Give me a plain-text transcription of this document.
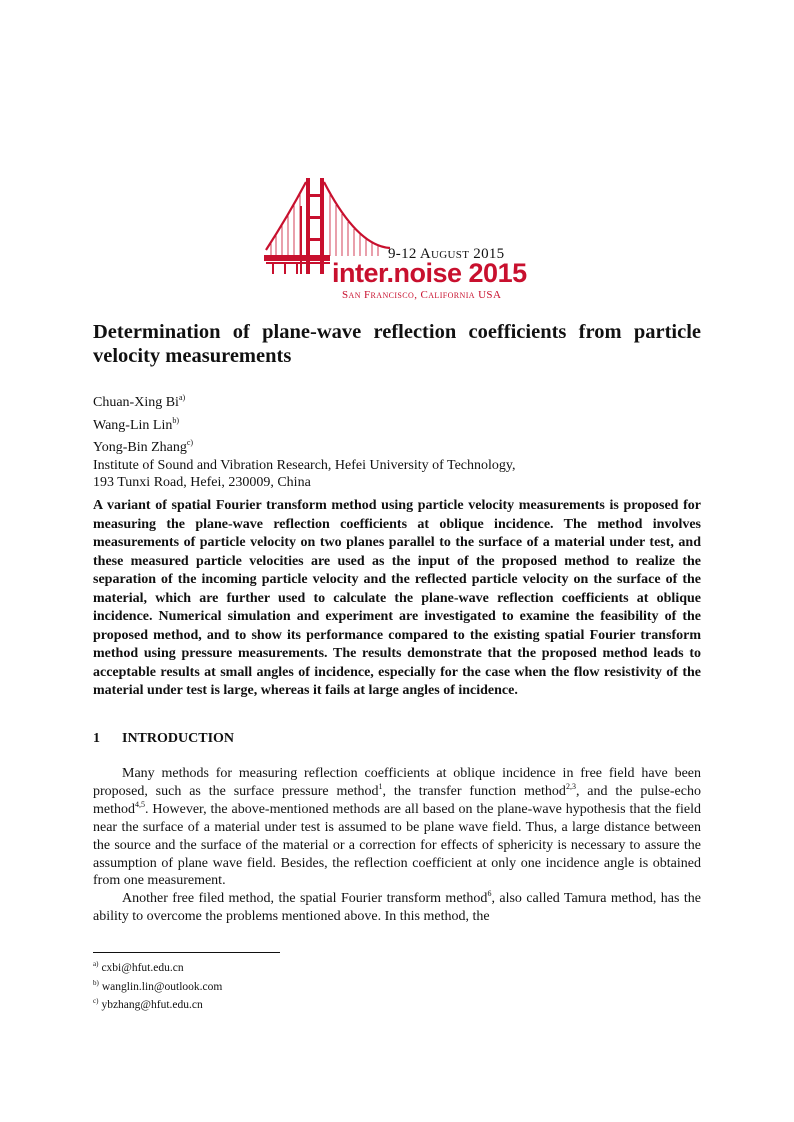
9-12 August 2015
inter.noise 2015
San Francisco, California USA
Determination of plane-wave reflection coefficients from particle velocity measurements
Chuan-Xing Bi$^{a)}$
Wang-Lin Lin$^{b)}$
Yong-Bin Zhang$^{c)}$
Institute of Sound and Vibration Research, Hefei University of Technology,
193 Tunxi Road, Hefei, 230009, China

A variant of spatial Fourier transform method using particle velocity measurements is proposed for measuring the plane-wave reflection coefficients at oblique incidence. The method involves measurements of particle velocity on two planes parallel to the surface of a material under test, and these measured particle velocities are used as the input of the proposed method to realize the separation of the incoming particle velocity and the reflected particle velocity on the surface of the material, which are further used to calculate the plane-wave reflection coefficients at oblique incidence. Numerical simulation and experiment are investigated to examine the feasibility of the proposed method, and to show its performance compared to the existing spatial Fourier transform method using pressure measurements. The results demonstrate that the proposed method leads to acceptable results at small angles of incidence, especially for the case when the flow resistivity of the material under test is large, whereas it fails at large angles of incidence.

1 INTRODUCTION

Many methods for measuring reflection coefficients at oblique incidence in free field have been proposed, such as the surface pressure method$^1$, the transfer function method$^{2,3}$, and the pulse-echo method$^{4,5}$. However, the above-mentioned methods are all based on the plane-wave hypothesis that the field near the surface of a material under test is assumed to be plane wave field. Thus, a large distance between the source and the surface of the material or a correction for effects of sphericity is necessary to assure the assumption of plane wave field. Besides, the reflection coefficient at only one incidence angle is obtained from one measurement.

Another free filed method, the spatial Fourier transform method$^6$, also called Tamura method, has the ability to overcome the problems mentioned above. In this method, the

$^{a)}$ cxbi@hfut.edu.cn
$^{b)}$ wanglin.lin@outlook.com
$^{c)}$ ybzhang@hfut.edu.cn
